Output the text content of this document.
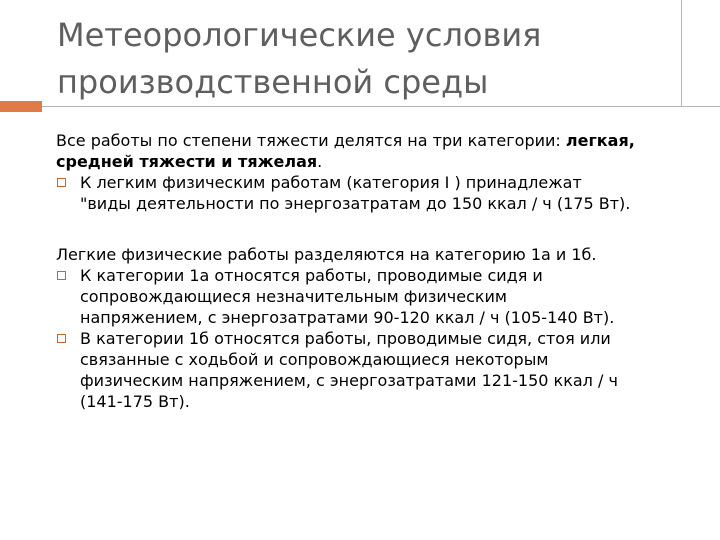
Метеорологические условия
производственной среды

Все работы по степени тяжести делятся на три категории: легкая,
средней тяжести и тяжелая.

К легким физическим работам (категория I ) принадлежат
"виды деятельности по энергозатратам до 150 ккал / ч (175 Вт).

Легкие физические работы разделяются на категорию 1а и 1б.

К категории 1а относятся работы, проводимые сидя и
сопровождающиеся незначительным физическим
напряжением, с энергозатратами 90-120 ккал / ч (105-140 Вт).
В категории 1б относятся работы, проводимые сидя, стоя или
связанные с ходьбой и сопровождающиеся некоторым
физическим напряжением, с энергозатратами 121-150 ккал / ч
(141-175 Вт).
